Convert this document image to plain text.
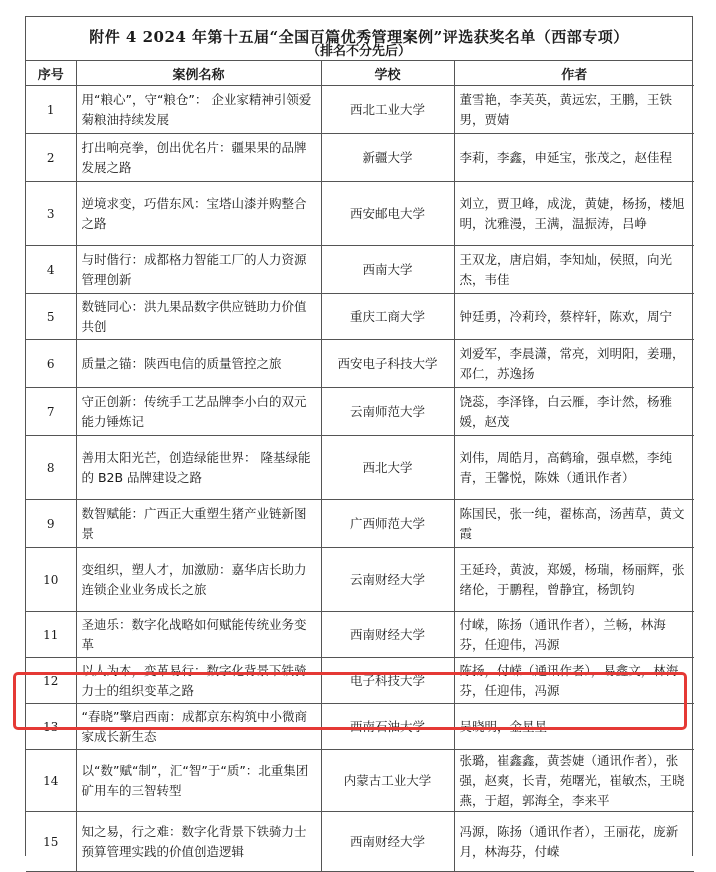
附件 4 2024 年第十五届“全国百篇优秀管理案例”评选获奖名单（西部专项）
（排名不分先后）
序号	案例名称	学校	作者
1	用“粮心”，守“粮仓”： 企业家精神引领爱菊粮油持续发展	西北工业大学	董雪艳，李芙英，黄远宏，王鹏，王铁男，贾婧
2	打出响亮拳，创出优名片：疆果果的品牌发展之路	新疆大学	李莉，李鑫，申延宝，张茂之，赵佳程
3	逆境求变，巧借东风：宝塔山漆并购整合之路	西安邮电大学	刘立，贾卫峰，成泷，黄婕，杨扬，楼旭明，沈雅漫，王满，温振涛，吕峥
4	与时偕行：成都格力智能工厂的人力资源管理创新	西南大学	王双龙，唐启娟，李知灿，侯照，向光杰，韦佳
5	数链同心：洪九果品数字供应链助力价值共创	重庆工商大学	钟廷勇，冷莉玲，蔡梓轩，陈欢，周宁
6	质量之锚：陕西电信的质量管控之旅	西安电子科技大学	刘爱军，李晨潇，常亮，刘明阳，姜珊，邓仁，苏逸扬
7	守正创新：传统手工艺品牌李小白的双元能力锤炼记	云南师范大学	饶蕊，李泽锋，白云雁，李计然，杨雅媛，赵茂
8	善用太阳光芒，创造绿能世界： 隆基绿能的 B2B 品牌建设之路	西北大学	刘伟，周皓月，高鹤瑜，强卓燃，李纯青，王馨悦，陈姝（通讯作者）
9	数智赋能：广西正大重塑生猪产业链新图景	广西师范大学	陈国民，张一纯，翟栋高，汤茜草，黄文霞
10	变组织，塑人才，加激励：嘉华店长助力连锁企业业务成长之旅	云南财经大学	王延玲，黄波，郑媛，杨瑞，杨丽辉，张绪伦，于鹏程，曾静宜，杨凯钧
11	圣迪乐：数字化战略如何赋能传统业务变革	西南财经大学	付嵘，陈扬（通讯作者），兰畅，林海芬，任迎伟，冯源
12	以人为本，变革易行：数字化背景下铁骑力士的组织变革之路	电子科技大学	陈扬，付嵘（通讯作者），易鑫文，林海芬，任迎伟，冯源
13	“春晓”擎启西南：成都京东构筑中小微商家成长新生态	西南石油大学	吴晓明，金星星
14	以“数”赋“制”，汇“智”于“质”：北重集团矿用车的三智转型	内蒙古工业大学	张璐，崔鑫鑫，黄荟婕（通讯作者），张强，赵爽，长青，苑曙光，崔敏杰，王晓燕，于超，郭海全，李来平
15	知之易，行之难：数字化背景下铁骑力士预算管理实践的价值创造逻辑	西南财经大学	冯源，陈扬（通讯作者），王丽花，庞新月，林海芬，付嵘
